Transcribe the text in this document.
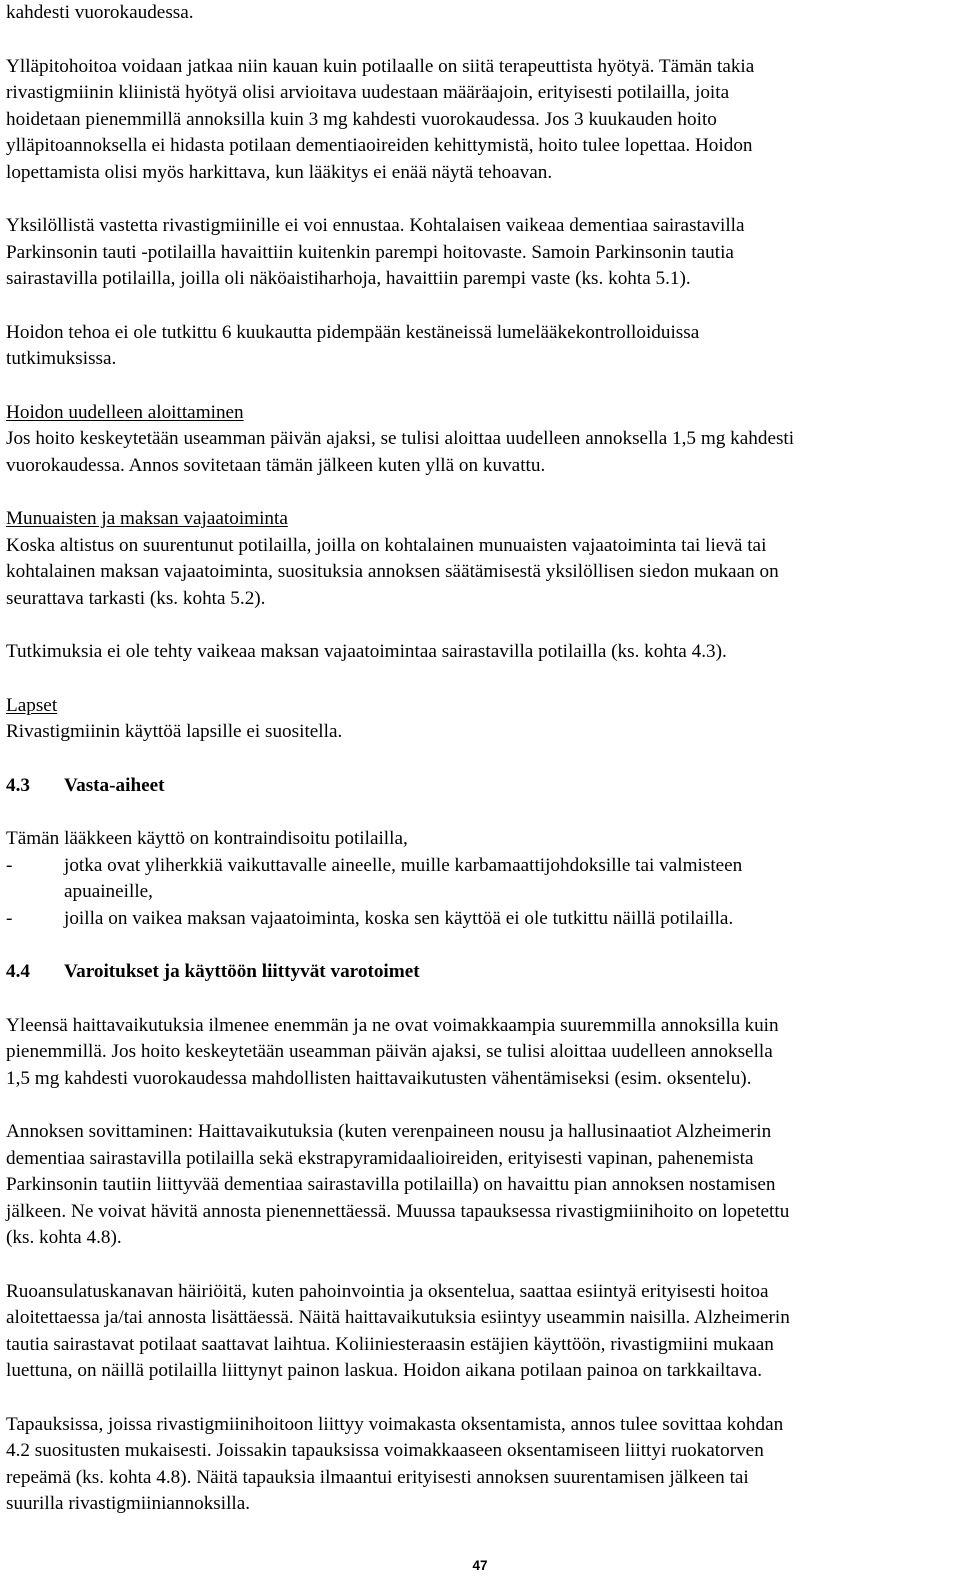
kahdesti vuorokaudessa.
Ylläpitohoitoa voidaan jatkaa niin kauan kuin potilaalle on siitä terapeuttista hyötyä. Tämän takia
rivastigmiinin kliinistä hyötyä olisi arvioitava uudestaan määräajoin, erityisesti potilailla, joita
hoidetaan pienemmillä annoksilla kuin 3 mg kahdesti vuorokaudessa. Jos 3 kuukauden hoito
ylläpitoannoksella ei hidasta potilaan dementiaoireiden kehittymistä, hoito tulee lopettaa. Hoidon
lopettamista olisi myös harkittava, kun lääkitys ei enää näytä tehoavan.
Yksilöllistä vastetta rivastigmiinille ei voi ennustaa. Kohtalaisen vaikeaa dementiaa sairastavilla
Parkinsonin tauti -potilailla havaittiin kuitenkin parempi hoitovaste. Samoin Parkinsonin tautia
sairastavilla potilailla, joilla oli näköaistiharhoja, havaittiin parempi vaste (ks. kohta 5.1).
Hoidon tehoa ei ole tutkittu 6 kuukautta pidempään kestäneissä lumelääkekontrolloiduissa
tutkimuksissa.
Hoidon uudelleen aloittaminen
Jos hoito keskeytetään useamman päivän ajaksi, se tulisi aloittaa uudelleen annoksella 1,5 mg kahdesti
vuorokaudessa. Annos sovitetaan tämän jälkeen kuten yllä on kuvattu.
Munuaisten ja maksan vajaatoiminta
Koska altistus on suurentunut potilailla, joilla on kohtalainen munuaisten vajaatoiminta tai lievä tai
kohtalainen maksan vajaatoiminta, suosituksia annoksen säätämisestä yksilöllisen siedon mukaan on
seurattava tarkasti (ks. kohta 5.2).
Tutkimuksia ei ole tehty vaikeaa maksan vajaatoimintaa sairastavilla potilailla (ks. kohta 4.3).
Lapset
Rivastigmiinin käyttöä lapsille ei suositella.
4.3	Vasta-aiheet
Tämän lääkkeen käyttö on kontraindisoitu potilailla,
-	jotka ovat yliherkkiä vaikuttavalle aineelle, muille karbamaattijohdoksille tai valmisteen
apuaineille,
-	joilla on vaikea maksan vajaatoiminta, koska sen käyttöä ei ole tutkittu näillä potilailla.
4.4	Varoitukset ja käyttöön liittyvät varotoimet
Yleensä haittavaikutuksia ilmenee enemmän ja ne ovat voimakkaampia suuremmilla annoksilla kuin
pienemmillä. Jos hoito keskeytetään useamman päivän ajaksi, se tulisi aloittaa uudelleen annoksella
1,5 mg kahdesti vuorokaudessa mahdollisten haittavaikutusten vähentämiseksi (esim. oksentelu).
Annoksen sovittaminen: Haittavaikutuksia (kuten verenpaineen nousu ja hallusinaatiot Alzheimerin
dementiaa sairastavilla potilailla sekä ekstrapyramidaalioireiden, erityisesti vapinan, pahenemista
Parkinsonin tautiin liittyvää dementiaa sairastavilla potilailla) on havaittu pian annoksen nostamisen
jälkeen. Ne voivat hävitä annosta pienennettäessä. Muussa tapauksessa rivastigmiinihoito on lopetettu
(ks. kohta 4.8).
Ruoansulatuskanavan häiriöitä, kuten pahoinvointia ja oksentelua, saattaa esiintyä erityisesti hoitoa
aloitettaessa ja/tai annosta lisättäessä. Näitä haittavaikutuksia esiintyy useammin naisilla. Alzheimerin
tautia sairastavat potilaat saattavat laihtua. Koliiniesteraasin estäjien käyttöön, rivastigmiini mukaan
luettuna, on näillä potilailla liittynyt painon laskua. Hoidon aikana potilaan painoa on tarkkailtava.
Tapauksissa, joissa rivastigmiinihoitoon liittyy voimakasta oksentamista, annos tulee sovittaa kohdan
4.2 suositusten mukaisesti. Joissakin tapauksissa voimakkaaseen oksentamiseen liittyi ruokatorven
repeämä (ks. kohta 4.8). Näitä tapauksia ilmaantui erityisesti annoksen suurentamisen jälkeen tai
suurilla rivastigmiiniannoksilla.
47
